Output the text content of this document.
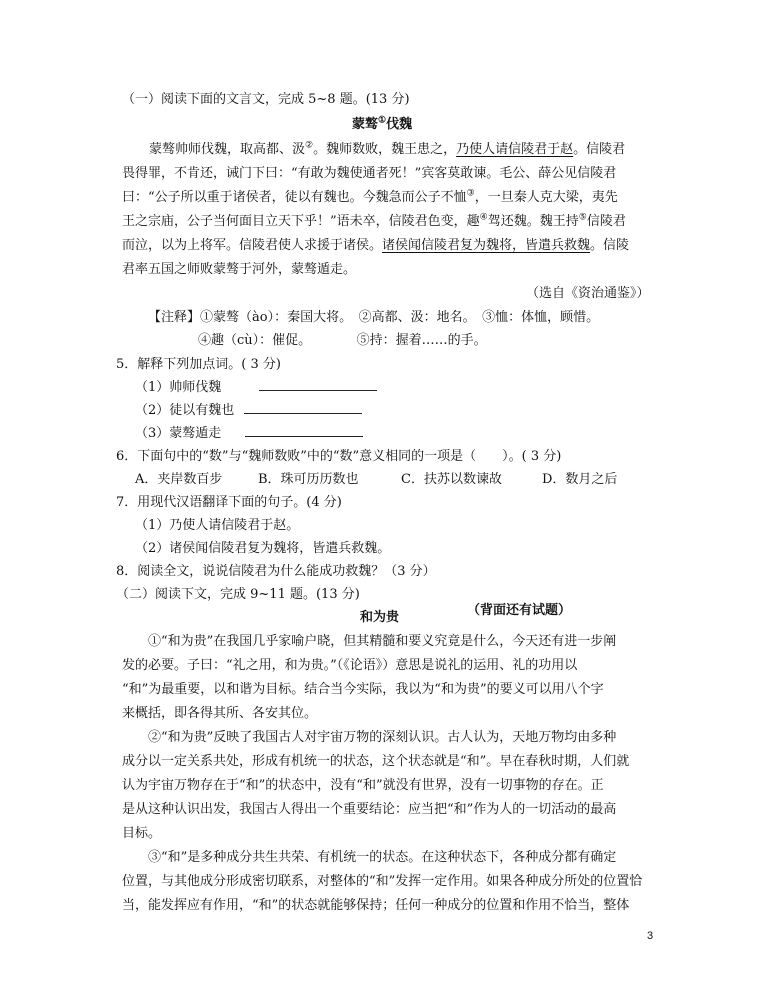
（一）阅读下面的文言文，完成 5~8 题。(13 分)
蒙骜①伐魏
蒙骜帅师伐魏，取高都、汲②。魏师数败，魏王患之，乃使人请信陵君于赵。信陵君
畏得罪，不肯还，诫门下曰：“有敢为魏使通者死！”宾客莫敢谏。毛公、薛公见信陵君
曰：“公子所以重于诸侯者，徒以有魏也。今魏急而公子不恤③，一旦秦人克大梁，夷先
王之宗庙，公子当何面目立天下乎！”语未卒，信陵君色变，趣④驾还魏。魏王持⑤信陵君
而泣，以为上将军。信陵君使人求援于诸侯。诸侯闻信陵君复为魏将，皆遣兵救魏。信陵
君率五国之师败蒙骜于河外，蒙骜遁走。
（选自《资治通鉴》）
【注释】①蒙骜（ào）：秦国大将。　②高都、汲：地名。　③恤：体恤，顾惜。
④趣（cù）：催促。　　　　⑤持：握着……的手。
5．解释下列加点词。( 3 分)
（1）帅师伐魏
（2）徒以有魏也
（3）蒙骜遁走
6．下面句中的“数”与“魏师数败”中的“数”意义相同的一项是（　　）。( 3 分)
A．夹岸数百步	B．珠可历历数也	C．扶苏以数谏故	D．数月之后
7．用现代汉语翻译下面的句子。(4 分)
（1）乃使人请信陵君于赵。
（2）诸侯闻信陵君复为魏将，皆遣兵救魏。
8．阅读全文，说说信陵君为什么能成功救魏？（3 分）
（二）阅读下文，完成 9~11 题。(13 分)
和为贵	（背面还有试题）
①“和为贵”在我国几乎家喻户晓，但其精髓和要义究竟是什么，今天还有进一步阐
发的必要。子曰：“礼之用，和为贵。”（《论语》）意思是说礼的运用、礼的功用以
“和”为最重要，以和谐为目标。结合当今实际，我以为“和为贵”的要义可以用八个字
来概括，即各得其所、各安其位。
②“和为贵”反映了我国古人对宇宙万物的深刻认识。古人认为，天地万物均由多种
成分以一定关系共处，形成有机统一的状态，这个状态就是“和”。早在春秋时期，人们就
认为宇宙万物存在于“和”的状态中，没有“和”就没有世界，没有一切事物的存在。正
是从这种认识出发，我国古人得出一个重要结论：应当把“和”作为人的一切活动的最高
目标。
③“和”是多种成分共生共荣、有机统一的状态。在这种状态下，各种成分都有确定
位置，与其他成分形成密切联系，对整体的“和”发挥一定作用。如果各种成分所处的位置恰
当，能发挥应有作用，“和”的状态就能够保持；任何一种成分的位置和作用不恰当，整体
3
